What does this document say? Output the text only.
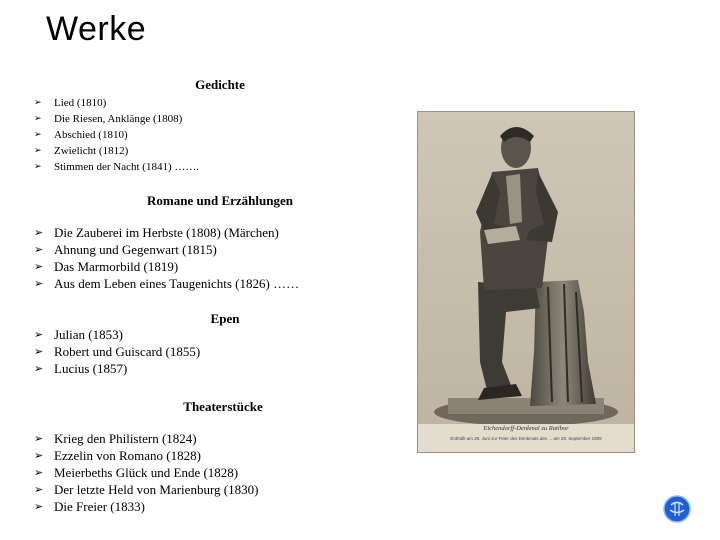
Werke
Gedichte
➢ Lied (1810)
➢ Die Riesen, Anklänge (1808)
➢ Abschied (1810)
➢ Zwielicht (1812)
➢ Stimmen der Nacht (1841) …….
Romane und Erzählungen
➢ Die Zauberei im Herbste (1808) (Märchen)
➢ Ahnung und Gegenwart (1815)
➢ Das Marmorbild (1819)
➢ Aus dem Leben eines Taugenichts (1826) ……
Epen
➢ Julian (1853)
➢ Robert und Guiscard (1855)
➢ Lucius (1857)
Theaterstücke
➢ Krieg den Philistern (1824)
➢ Ezzelin von Romano (1828)
➢ Meierbeths Glück und Ende (1828)
➢ Der letzte Held von Marienburg (1830)
➢ Die Freier (1833)
Eichendorff-Denkmal zu Ratibor
Enthüllt am 28. Juni zur Feier des Denkmals des ... am 28. September 1909
